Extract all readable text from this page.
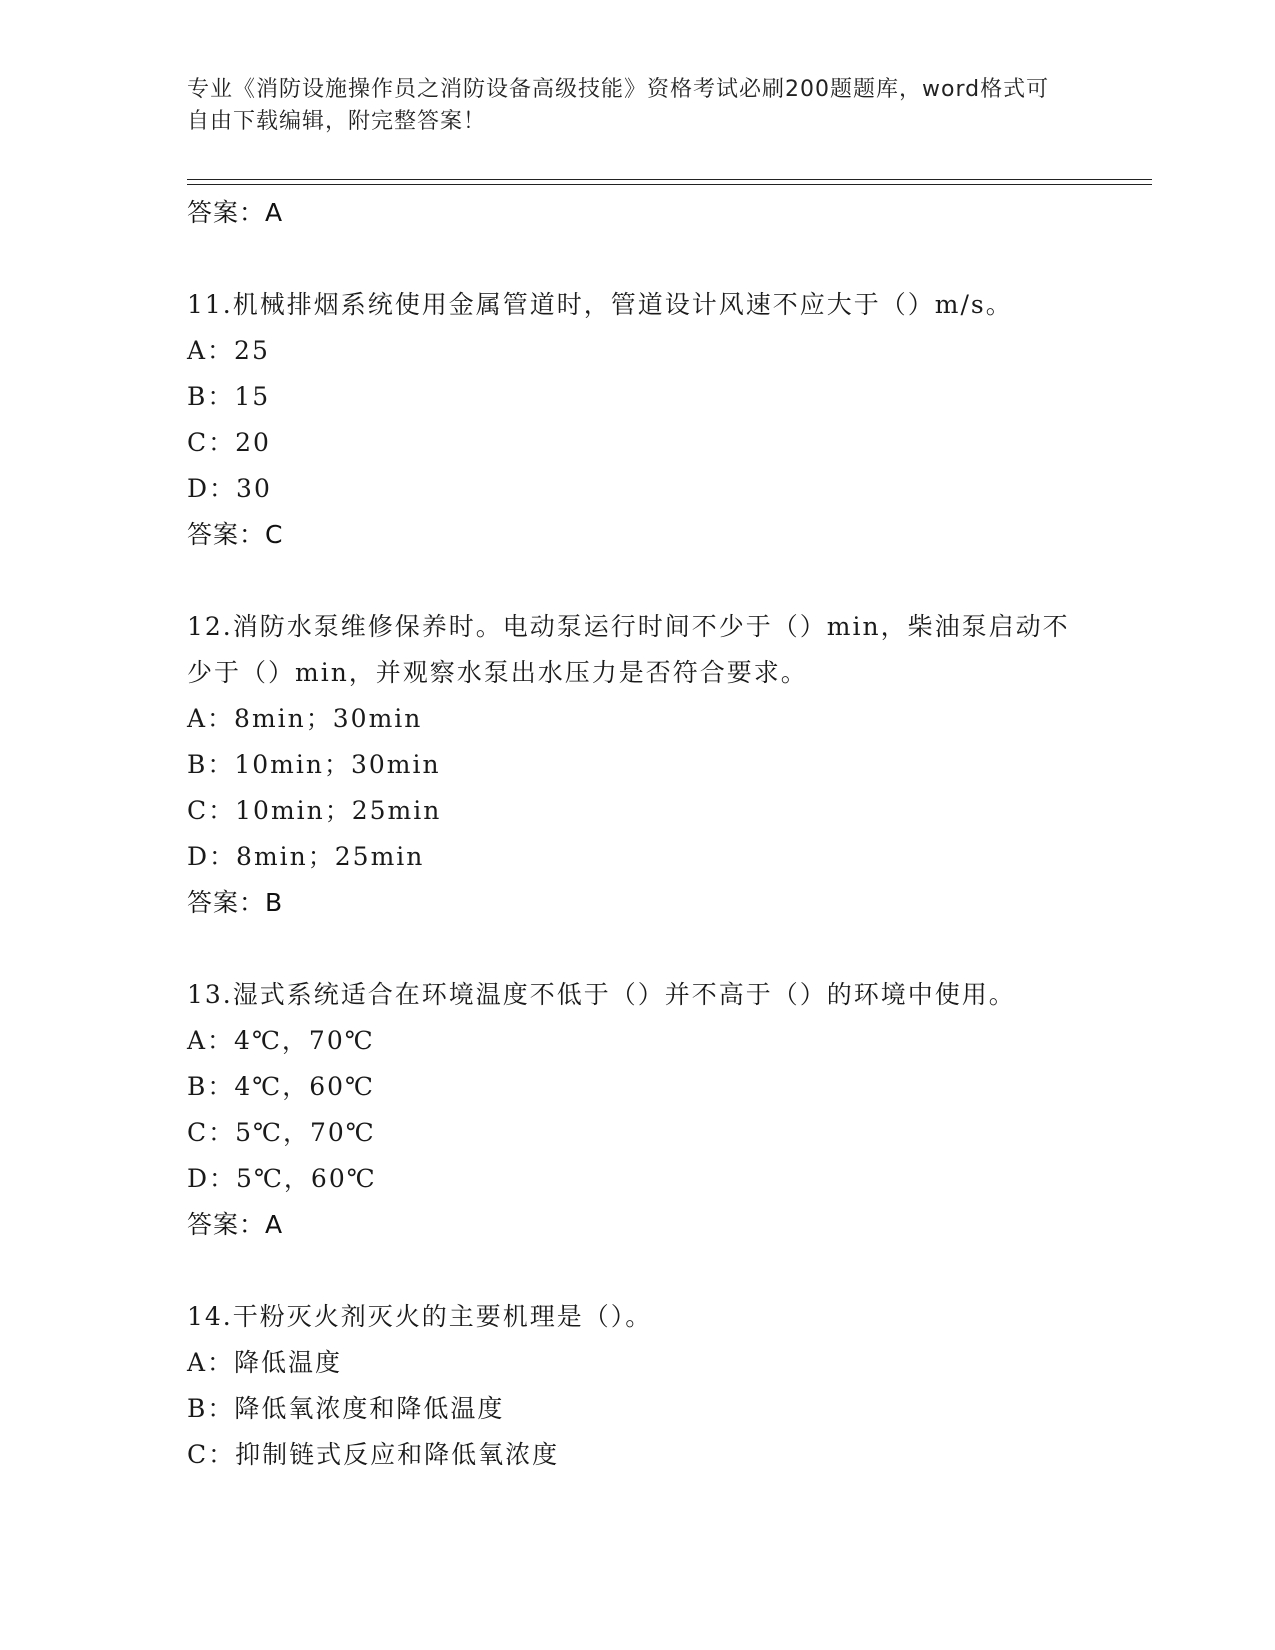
专业《消防设施操作员之消防设备高级技能》资格考试必刷200题题库，word格式可自由下载编辑，附完整答案！
答案：A
11.机械排烟系统使用金属管道时，管道设计风速不应大于（）m/s。
A：25
B：15
C：20
D：30
答案：C
12.消防水泵维修保养时。电动泵运行时间不少于（）min，柴油泵启动不少于（）min，并观察水泵出水压力是否符合要求。
A：8min；30min
B：10min；30min
C：10min；25min
D：8min；25min
答案：B
13.湿式系统适合在环境温度不低于（）并不高于（）的环境中使用。
A：4℃，70℃
B：4℃，60℃
C：5℃，70℃
D：5℃，60℃
答案：A
14.干粉灭火剂灭火的主要机理是（）。
A：降低温度
B：降低氧浓度和降低温度
C：抑制链式反应和降低氧浓度
